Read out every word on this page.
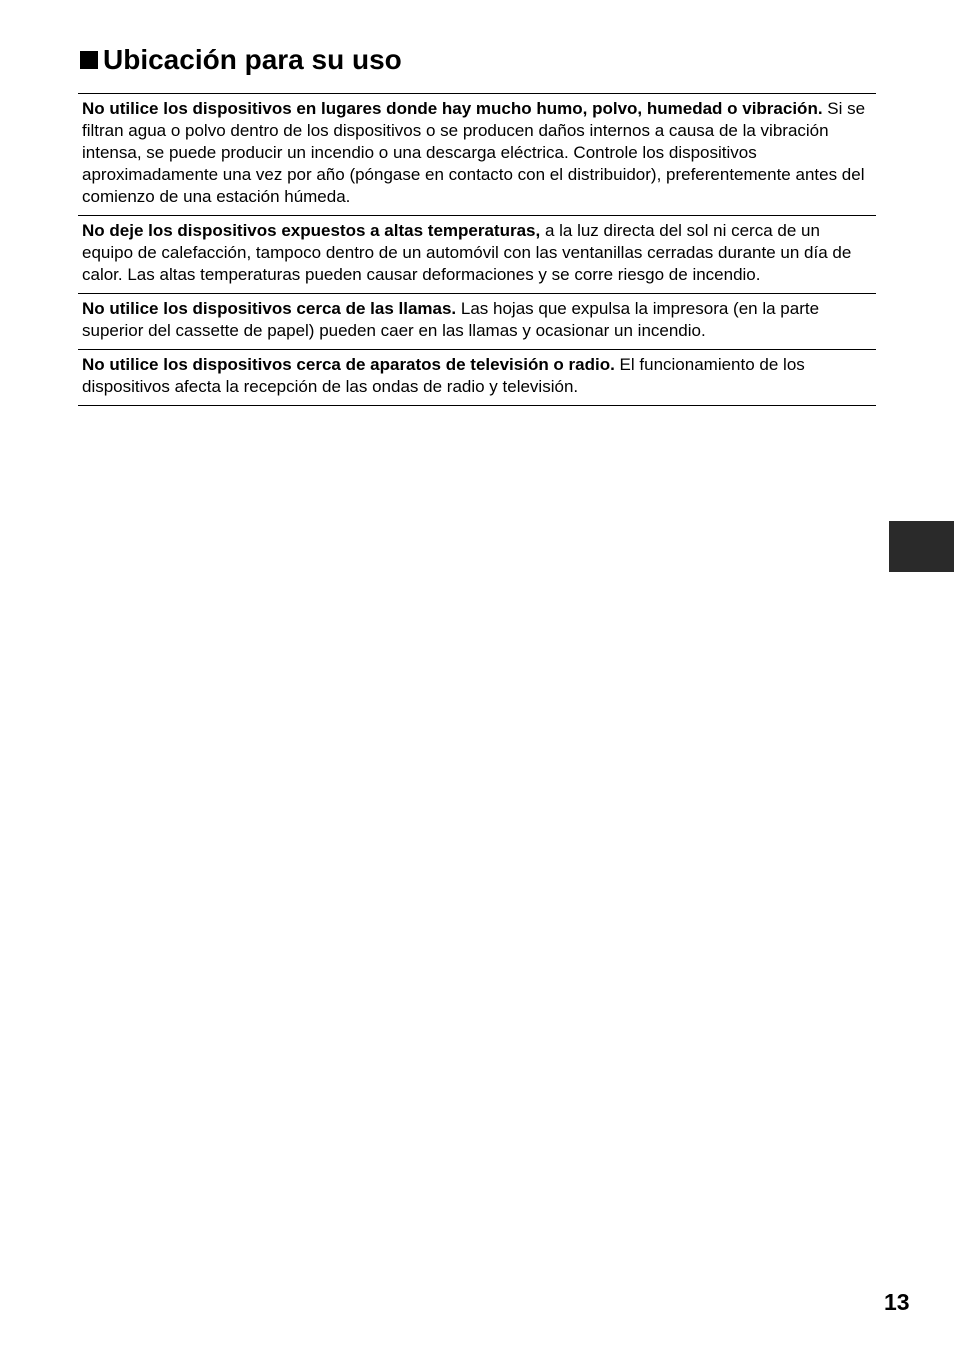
Ubicación para su uso
No utilice los dispositivos en lugares donde hay mucho humo, polvo, humedad o vibración. Si se filtran agua o polvo dentro de los dispositivos o se producen daños internos a causa de la vibración intensa, se puede producir un incendio o una descarga eléctrica. Controle los dispositivos aproximadamente una vez por año (póngase en contacto con el distribuidor), preferentemente antes del comienzo de una estación húmeda.
No deje los dispositivos expuestos a altas temperaturas, a la luz directa del sol ni cerca de un equipo de calefacción, tampoco dentro de un automóvil con las ventanillas cerradas durante un día de calor. Las altas temperaturas pueden causar deformaciones y se corre riesgo de incendio.
No utilice los dispositivos cerca de las llamas. Las hojas que expulsa la impresora (en la parte superior del cassette de papel) pueden caer en las llamas y ocasionar un incendio.
No utilice los dispositivos cerca de aparatos de televisión o radio. El funcionamiento de los dispositivos afecta la recepción de las ondas de radio y televisión.
13
